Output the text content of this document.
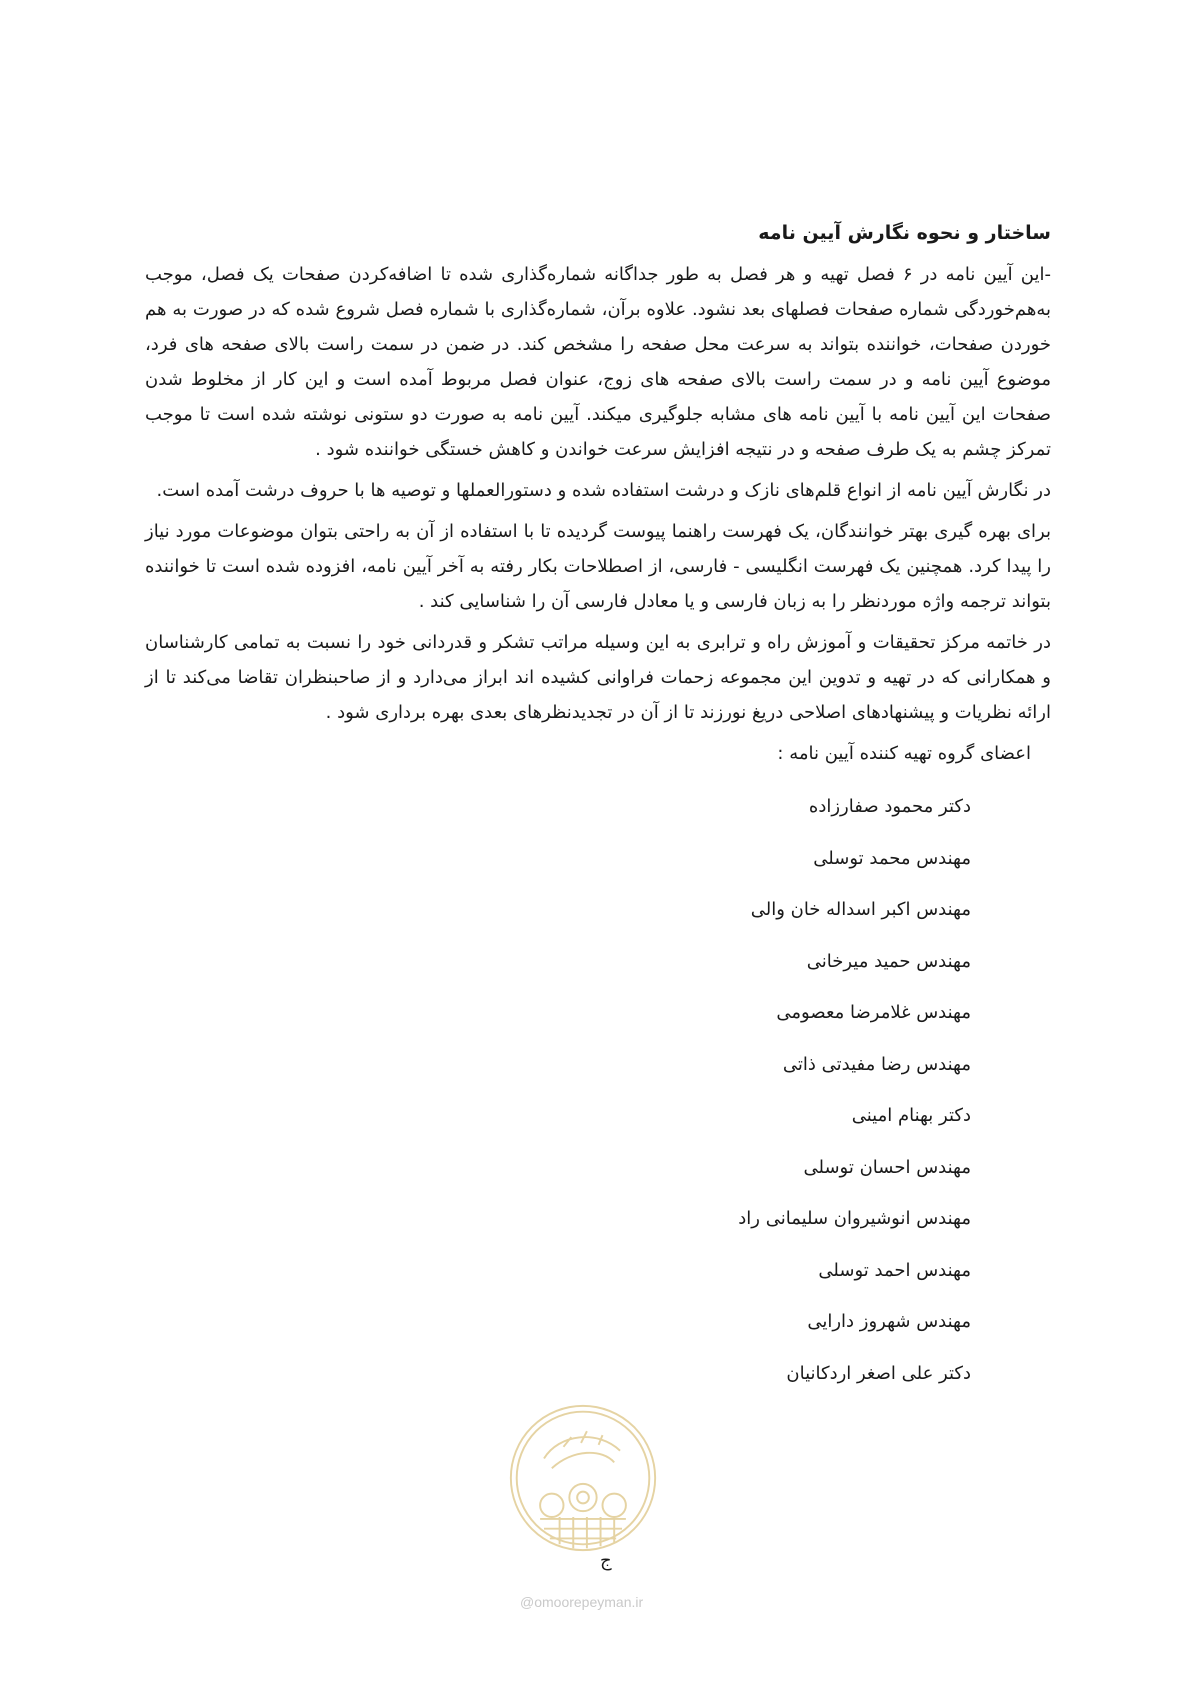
ساختار و نحوه نگارش آیین نامه

-این آیین نامه در ۶ فصل تهیه و هر فصل به طور جداگانه شماره‌گذاری شده تا اضافه‌کردن صفحات یک فصل، موجب به‌هم‌خوردگی شماره صفحات فصلهای بعد نشود. علاوه برآن، شماره‌گذاری با شماره فصل شروع شده که در صورت به هم خوردن صفحات، خواننده بتواند به سرعت محل صفحه را مشخص کند. در ضمن در سمت راست بالای صفحه های فرد، موضوع آیین نامه و در سمت راست بالای صفحه های زوج، عنوان فصل مربوط آمده است و این کار از مخلوط شدن صفحات این آیین نامه با آیین نامه های مشابه جلوگیری میکند. آیین نامه به صورت دو ستونی نوشته شده است تا موجب تمرکز چشم به یک طرف صفحه و در نتیجه افزایش سرعت خواندن و کاهش خستگی خواننده شود .

در نگارش آیین نامه از انواع قلم‌های نازک و درشت استفاده شده و دستورالعملها و توصیه ها با حروف درشت آمده است.

برای بهره گیری بهتر خوانندگان، یک فهرست راهنما پیوست گردیده تا با استفاده از آن به راحتی بتوان موضوعات مورد نیاز را پیدا کرد. همچنین یک فهرست انگلیسی - فارسی، از اصطلاحات بکار رفته به آخر آیین نامه، افزوده شده است تا خواننده بتواند ترجمه واژه موردنظر را به زبان فارسی و یا معادل فارسی آن را شناسایی کند .

در خاتمه مرکز تحقیقات و آموزش راه و ترابری به این وسیله مراتب تشکر و قدردانی خود را نسبت به تمامی کارشناسان و همکارانی که در تهیه و تدوین این مجموعه زحمات فراوانی کشیده اند ابراز می‌دارد و از صاحبنظران تقاضا می‌کند تا از ارائه نظریات و پیشنهادهای اصلاحی دریغ نورزند تا از آن در تجدیدنظرهای بعدی بهره برداری شود .

اعضای گروه تهیه کننده آیین نامه :
دکتر محمود صفارزاده
مهندس محمد توسلی
مهندس اکبر اسداله خان والی
مهندس حمید میرخانی
مهندس غلامرضا معصومی
مهندس رضا مفیدتی ذاتی
دکتر بهنام امینی
مهندس احسان توسلی
مهندس انوشیروان سلیمانی راد
مهندس احمد توسلی
مهندس شهروز دارایی
دکتر علی اصغر اردکانیان
ج
@omoorepeyman.ir
